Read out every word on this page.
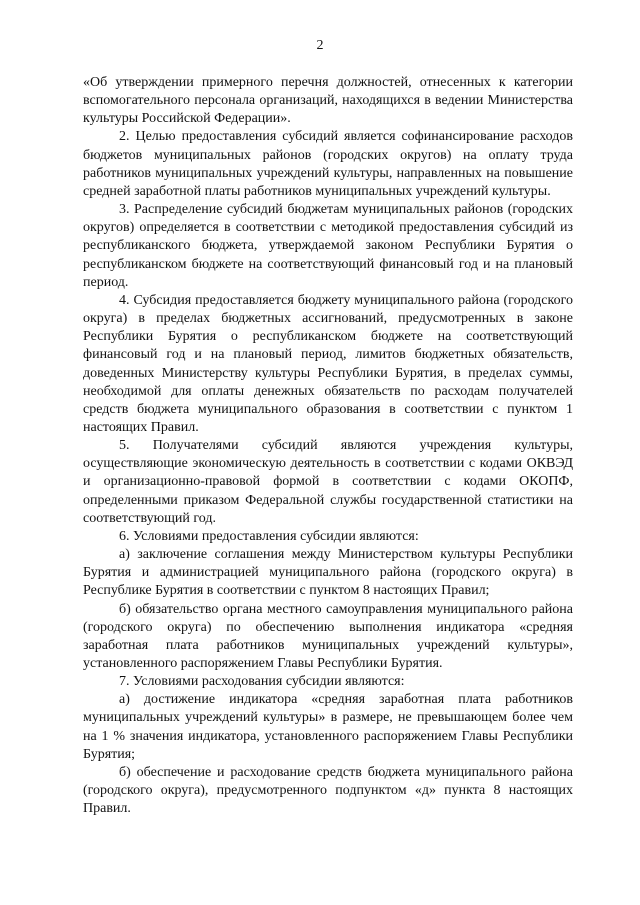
2

«Об утверждении примерного перечня должностей, отнесенных к категории вспомогательного персонала организаций, находящихся в ведении Министерства культуры Российской Федерации».

2. Целью предоставления субсидий является софинансирование расходов бюджетов муниципальных районов (городских округов) на оплату труда работников муниципальных учреждений культуры, направленных на повышение средней заработной платы работников муниципальных учреждений культуры.

3. Распределение субсидий бюджетам муниципальных районов (городских округов) определяется в соответствии с методикой предоставления субсидий из республиканского бюджета, утверждаемой законом Республики Бурятия о республиканском бюджете на соответствующий финансовый год и на плановый период.

4. Субсидия предоставляется бюджету муниципального района (городского округа) в пределах бюджетных ассигнований, предусмотренных в законе Республики Бурятия о республиканском бюджете на соответствующий финансовый год и на плановый период, лимитов бюджетных обязательств, доведенных Министерству культуры Республики Бурятия, в пределах суммы, необходимой для оплаты денежных обязательств по расходам получателей средств бюджета муниципального образования в соответствии с пунктом 1 настоящих Правил.

5. Получателями субсидий являются учреждения культуры, осуществляющие экономическую деятельность в соответствии с кодами ОКВЭД и организационно-правовой формой в соответствии с кодами ОКОПФ, определенными приказом Федеральной службы государственной статистики на соответствующий год.

6. Условиями предоставления субсидии являются:

а) заключение соглашения между Министерством культуры Республики Бурятия и администрацией муниципального района (городского округа) в Республике Бурятия в соответствии с пунктом 8 настоящих Правил;

б) обязательство органа местного самоуправления муниципального района (городского округа) по обеспечению выполнения индикатора «средняя заработная плата работников муниципальных учреждений культуры», установленного распоряжением Главы Республики Бурятия.

7. Условиями расходования субсидии являются:

а) достижение индикатора «средняя заработная плата работников муниципальных учреждений культуры» в размере, не превышающем более чем на 1 % значения индикатора, установленного распоряжением Главы Республики Бурятия;

б) обеспечение и расходование средств бюджета муниципального района (городского округа), предусмотренного подпунктом «д» пункта 8 настоящих Правил.
